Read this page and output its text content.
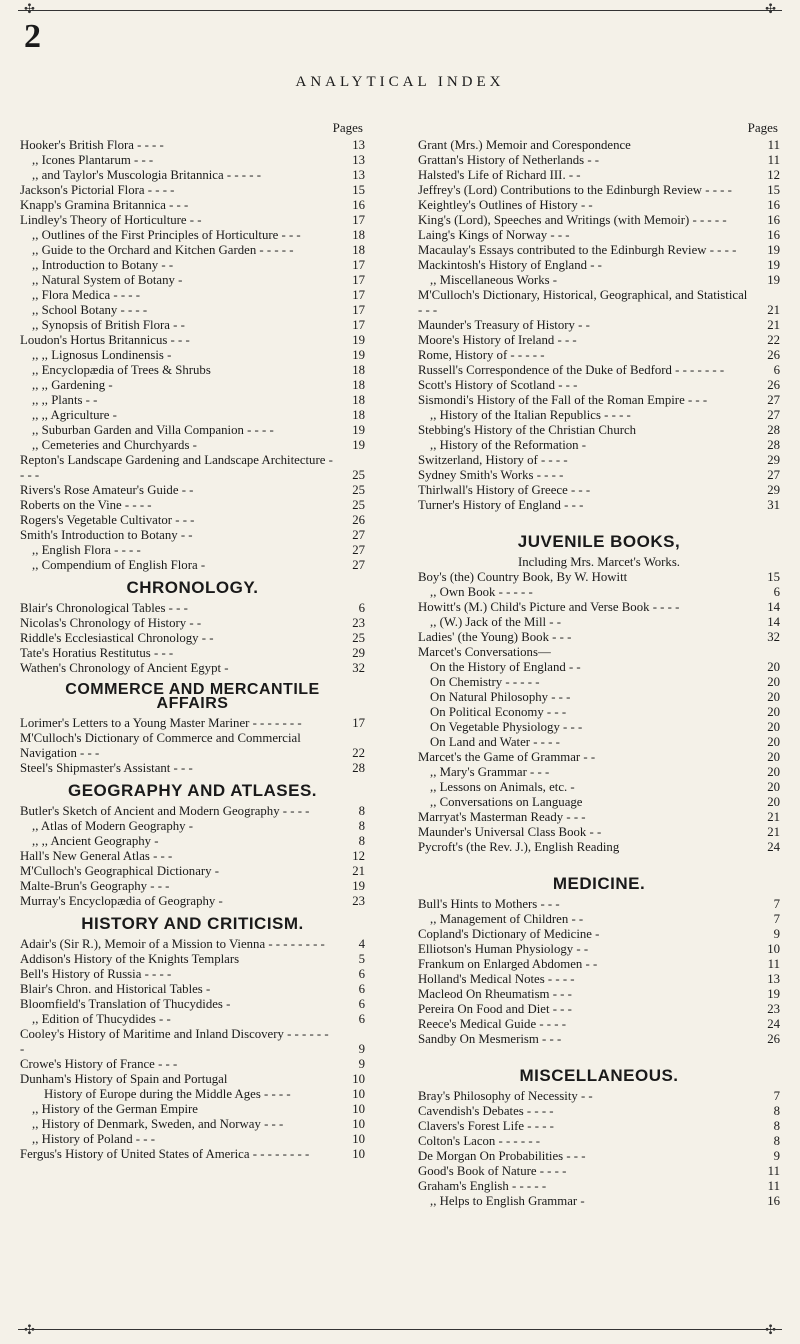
✣	✣
2
ANALYTICAL INDEX
Pages
Hooker's British Flora - - - -	13
,, Icones Plantarum - - -	13
,, and Taylor's Muscologia Britannica - - - - -	13
Jackson's Pictorial Flora - - - -	15
Knapp's Gramina Britannica - - -	16
Lindley's Theory of Horticulture - -	17
,, Outlines of the First Principles of Horticulture - - -	18
,, Guide to the Orchard and Kitchen Garden - - - - -	18
,, Introduction to Botany - -	17
,, Natural System of Botany -	17
,, Flora Medica - - - -	17
,, School Botany - - - -	17
,, Synopsis of British Flora - -	17
Loudon's Hortus Britannicus - - -	19
,, ,, Lignosus Londinensis -	19
,, Encyclopædia of Trees & Shrubs	18
,, ,, Gardening -	18
,, ,, Plants - -	18
,, ,, Agriculture -	18
,, Suburban Garden and Villa Companion - - - -	19
,, Cemeteries and Churchyards -	19
Repton's Landscape Gardening and Landscape Architecture - - - -	25
Rivers's Rose Amateur's Guide - -	25
Roberts on the Vine - - - -	25
Rogers's Vegetable Cultivator - - -	26
Smith's Introduction to Botany - -	27
,, English Flora - - - -	27
,, Compendium of English Flora -	27
CHRONOLOGY.
Blair's Chronological Tables - - -	6
Nicolas's Chronology of History - -	23
Riddle's Ecclesiastical Chronology - -	25
Tate's Horatius Restitutus - - -	29
Wathen's Chronology of Ancient Egypt -	32
COMMERCE AND MERCANTILE
AFFAIRS
Lorimer's Letters to a Young Master Mariner - - - - - - -	17
M'Culloch's Dictionary of Commerce and Commercial Navigation - - -	22
Steel's Shipmaster's Assistant - - -	28
GEOGRAPHY AND ATLASES.
Butler's Sketch of Ancient and Modern Geography - - - -	8
,, Atlas of Modern Geography -	8
,, ,, Ancient Geography -	8
Hall's New General Atlas - - -	12
M'Culloch's Geographical Dictionary -	21
Malte-Brun's Geography - - -	19
Murray's Encyclopædia of Geography -	23
HISTORY AND CRITICISM.
Adair's (Sir R.), Memoir of a Mission to Vienna - - - - - - - -	4
Addison's History of the Knights Templars	5
Bell's History of Russia - - - -	6
Blair's Chron. and Historical Tables -	6
Bloomfield's Translation of Thucydides -	6
,, Edition of Thucydides - -	6
Cooley's History of Maritime and Inland Discovery - - - - - - -	9
Crowe's History of France - - -	9
Dunham's History of Spain and Portugal	10
History of Europe during the Middle Ages - - - -	10
,, History of the German Empire	10
,, History of Denmark, Sweden, and Norway - - -	10
,, History of Poland - - -	10
Fergus's History of United States of America - - - - - - - -	10
Pages
Grant (Mrs.) Memoir and Corespondence	11
Grattan's History of Netherlands - -	11
Halsted's Life of Richard III. - -	12
Jeffrey's (Lord) Contributions to the Edinburgh Review - - - -	15
Keightley's Outlines of History - -	16
King's (Lord), Speeches and Writings (with Memoir) - - - - -	16
Laing's Kings of Norway - - -	16
Macaulay's Essays contributed to the Edinburgh Review - - - -	19
Mackintosh's History of England - -	19
,, Miscellaneous Works -	19
M'Culloch's Dictionary, Historical, Geographical, and Statistical - - -	21
Maunder's Treasury of History - -	21
Moore's History of Ireland - - -	22
Rome, History of - - - - -	26
Russell's Correspondence of the Duke of Bedford - - - - - - -	6
Scott's History of Scotland - - -	26
Sismondi's History of the Fall of the Roman Empire - - -	27
,, History of the Italian Republics - - - -	27
Stebbing's History of the Christian Church	28
,, History of the Reformation -	28
Switzerland, History of - - - -	29
Sydney Smith's Works - - - -	27
Thirlwall's History of Greece - - -	29
Turner's History of England - - -	31
JUVENILE BOOKS,
Including Mrs. Marcet's Works.
Boy's (the) Country Book, By W. Howitt	15
,, Own Book - - - - -	6
Howitt's (M.) Child's Picture and Verse Book - - - -	14
,, (W.) Jack of the Mill - -	14
Ladies' (the Young) Book - - -	32
Marcet's Conversations—
On the History of England - -	20
On Chemistry - - - - -	20
On Natural Philosophy - - -	20
On Political Economy - - -	20
On Vegetable Physiology - - -	20
On Land and Water - - - -	20
Marcet's the Game of Grammar - -	20
,, Mary's Grammar - - -	20
,, Lessons on Animals, etc. -	20
,, Conversations on Language	20
Marryat's Masterman Ready - - -	21
Maunder's Universal Class Book - -	21
Pycroft's (the Rev. J.), English Reading	24
MEDICINE.
Bull's Hints to Mothers - - -	7
,, Management of Children - -	7
Copland's Dictionary of Medicine -	9
Elliotson's Human Physiology - -	10
Frankum on Enlarged Abdomen - -	11
Holland's Medical Notes - - - -	13
Macleod On Rheumatism - - -	19
Pereira On Food and Diet - - -	23
Reece's Medical Guide - - - -	24
Sandby On Mesmerism - - -	26
MISCELLANEOUS.
Bray's Philosophy of Necessity - -	7
Cavendish's Debates - - - -	8
Clavers's Forest Life - - - -	8
Colton's Lacon - - - - - -	8
De Morgan On Probabilities - - -	9
Good's Book of Nature - - - -	11
Graham's English - - - - -	11
,, Helps to English Grammar -	16
✣	✣
